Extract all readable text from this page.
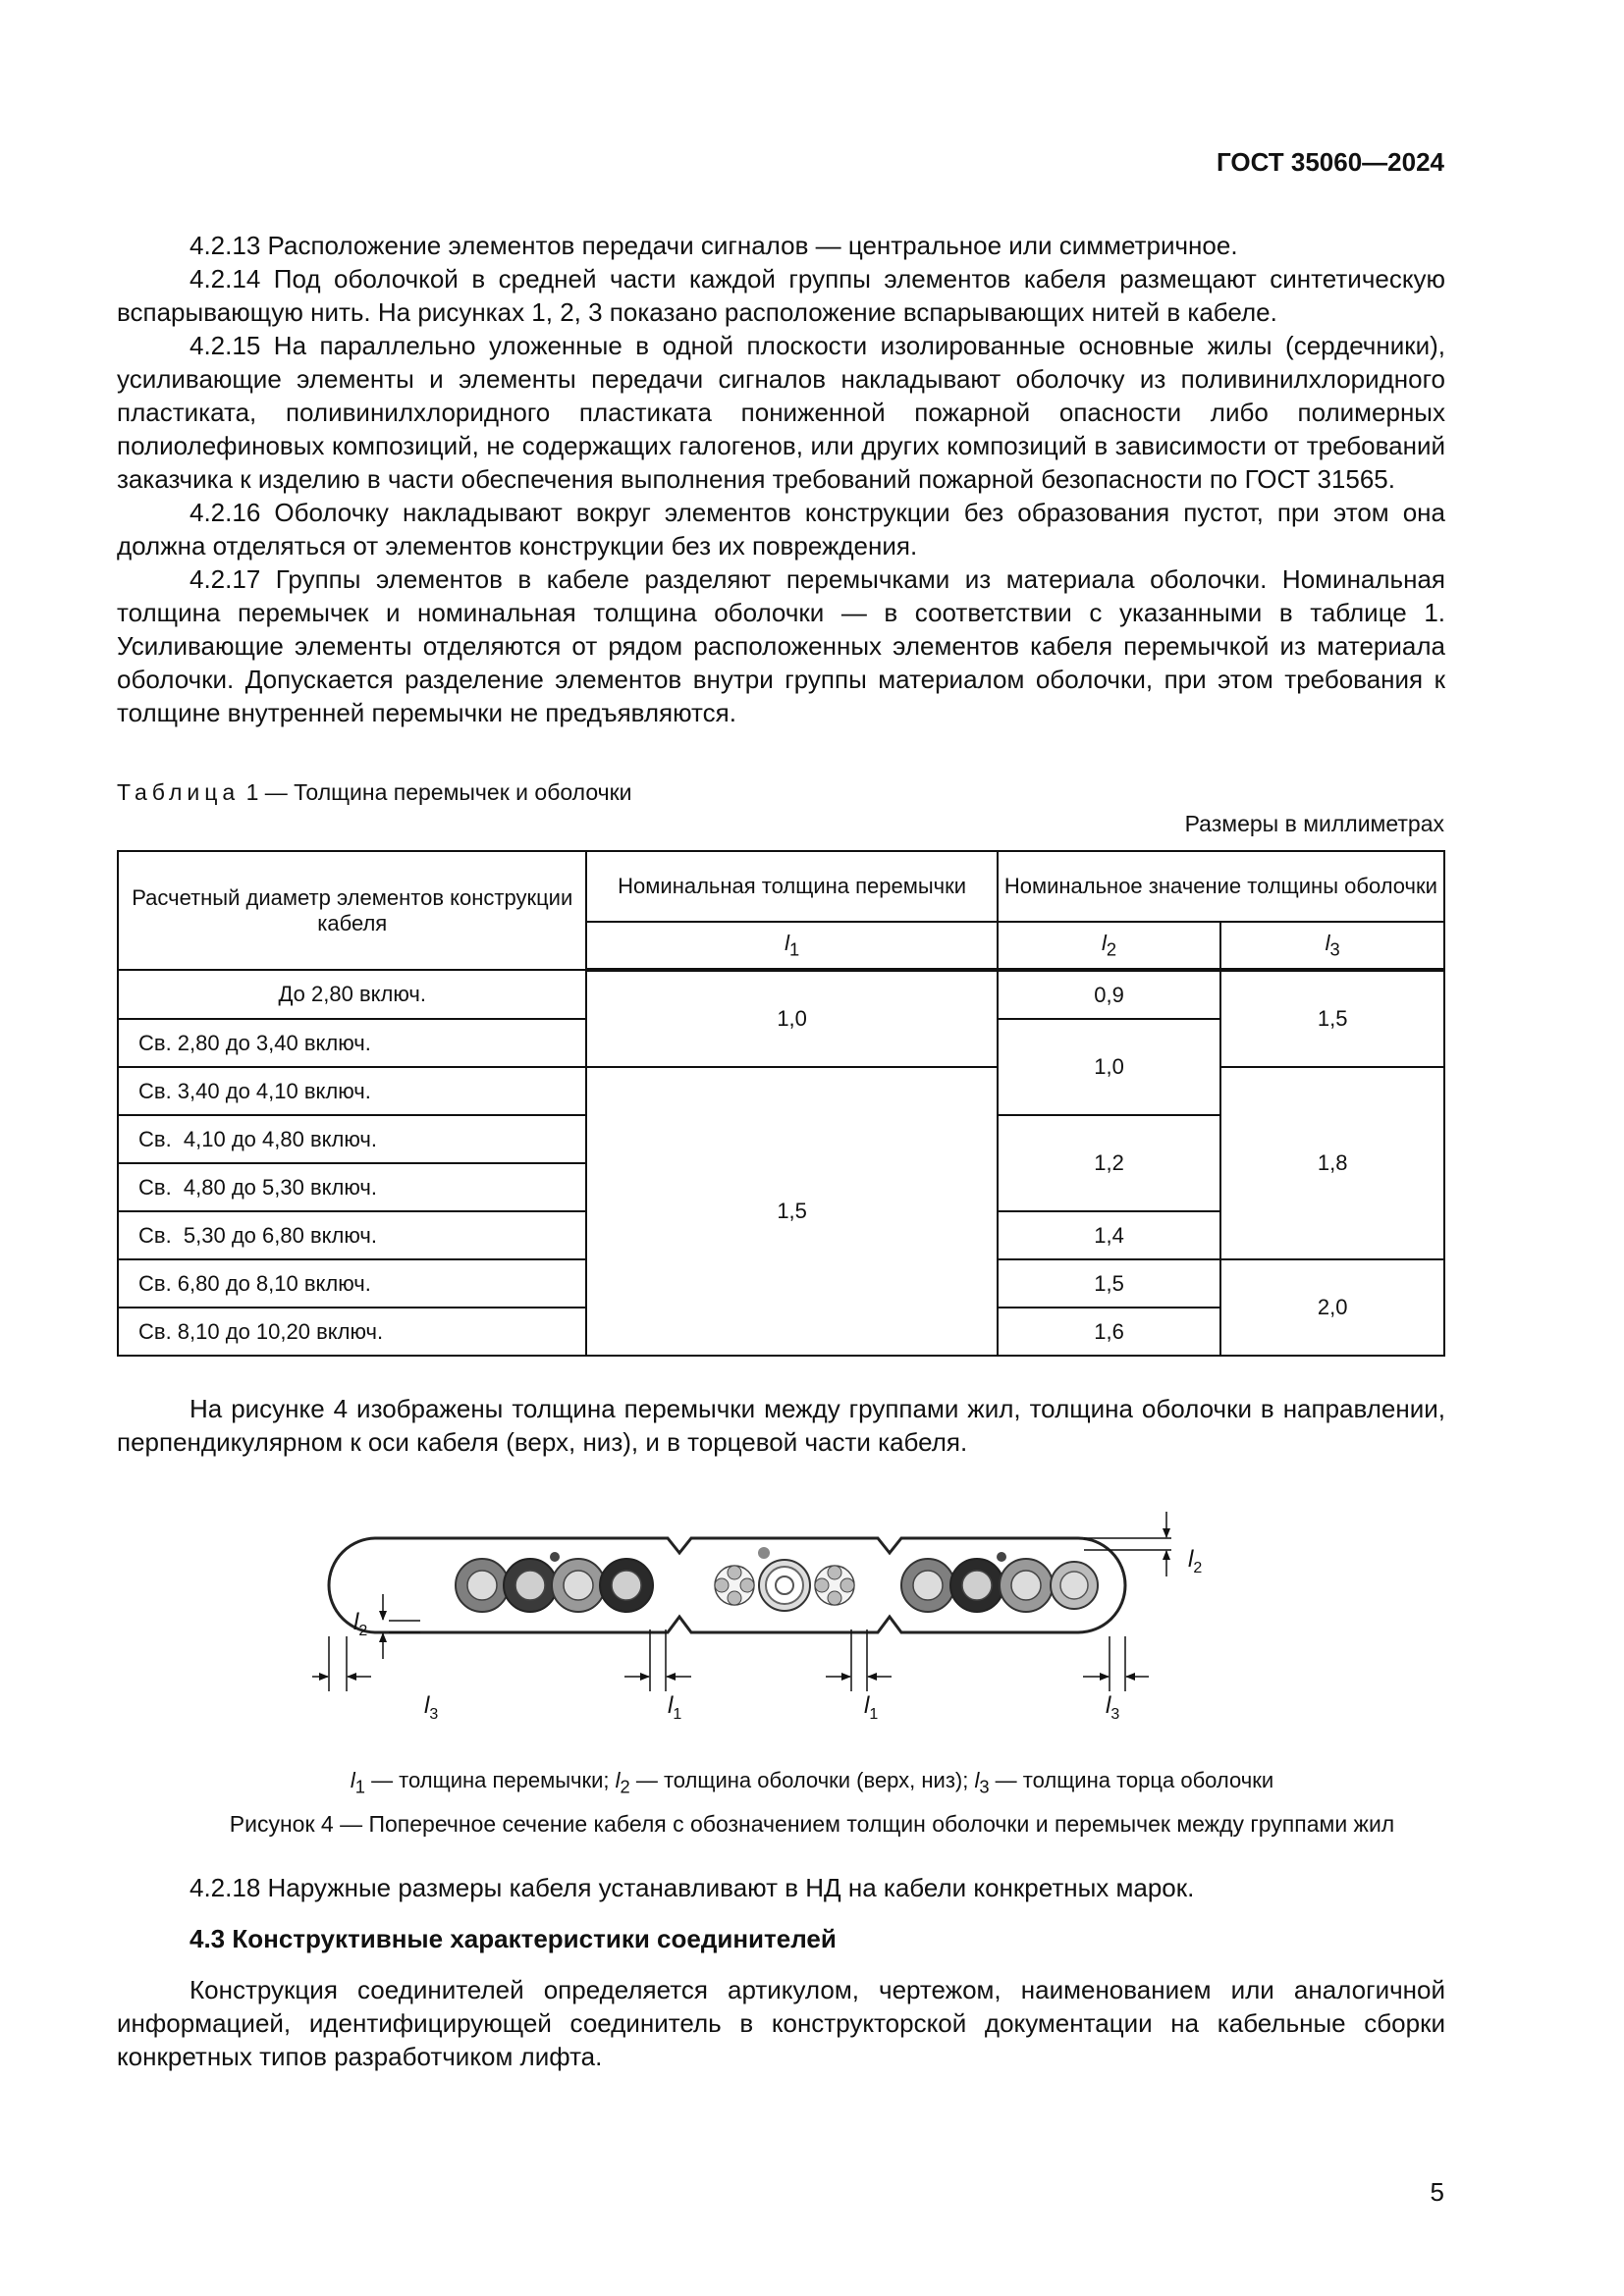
ГОСТ 35060—2024

4.2.13 Расположение элементов передачи сигналов — центральное или симметричное.

4.2.14 Под оболочкой в средней части каждой группы элементов кабеля размещают синтетическую вспарывающую нить. На рисунках 1, 2, 3 показано расположение вспарывающих нитей в кабеле.

4.2.15 На параллельно уложенные в одной плоскости изолированные основные жилы (сердечники), усиливающие элементы и элементы передачи сигналов накладывают оболочку из поливинилхлоридного пластиката, поливинилхлоридного пластиката пониженной пожарной опасности либо полимерных полиолефиновых композиций, не содержащих галогенов, или других композиций в зависимости от требований заказчика к изделию в части обеспечения выполнения требований пожарной безопасности по ГОСТ 31565.

4.2.16 Оболочку накладывают вокруг элементов конструкции без образования пустот, при этом она должна отделяться от элементов конструкции без их повреждения.

4.2.17 Группы элементов в кабеле разделяют перемычками из материала оболочки. Номинальная толщина перемычек и номинальная толщина оболочки — в соответствии с указанными в таблице 1. Усиливающие элементы отделяются от рядом расположенных элементов кабеля перемычкой из материала оболочки. Допускается разделение элементов внутри группы материалом оболочки, при этом требования к толщине внутренней перемычки не предъявляются.

Таблица 1 — Толщина перемычек и оболочки
Размеры в миллиметрах
Расчетный диаметр элементов конструкции кабеля	Номинальная толщина перемычки	Номинальное значение толщины оболочки	
	$l_1$	$l_2$	$l_3$
До 2,80 включ.	1,0	0,9	1,5
Св. 2,80 до 3,40 включ.		1,0	
Св. 3,40 до 4,10 включ.	1,5		1,8
Св.  4,10 до 4,80 включ.		1,2	
Св.  4,80 до 5,30 включ.			
Св.  5,30 до 6,80 включ.		1,4	
Св. 6,80 до 8,10 включ.		1,5	2,0
Св. 8,10 до 10,20 включ.		1,6	

На рисунке 4 изображены толщина перемычки между группами жил, толщина оболочки в направлении, перпендикулярном к оси кабеля (верх, низ), и в торцевой части кабеля.

$l_2$
$l_2$
$l_3$	$l_1$	$l_1$	$l_3$
$l_1$ — толщина перемычки; $l_2$ — толщина оболочки (верх, низ); $l_3$ — толщина торца оболочки
Рисунок 4 — Поперечное сечение кабеля с обозначением толщин оболочки и перемычек между группами жил

4.2.18 Наружные размеры кабеля устанавливают в НД на кабели конкретных марок.

4.3 Конструктивные характеристики соединителей

Конструкция соединителей определяется артикулом, чертежом, наименованием или аналогичной информацией, идентифицирующей соединитель в конструкторской документации на кабельные сборки конкретных типов разработчиком лифта.

5
